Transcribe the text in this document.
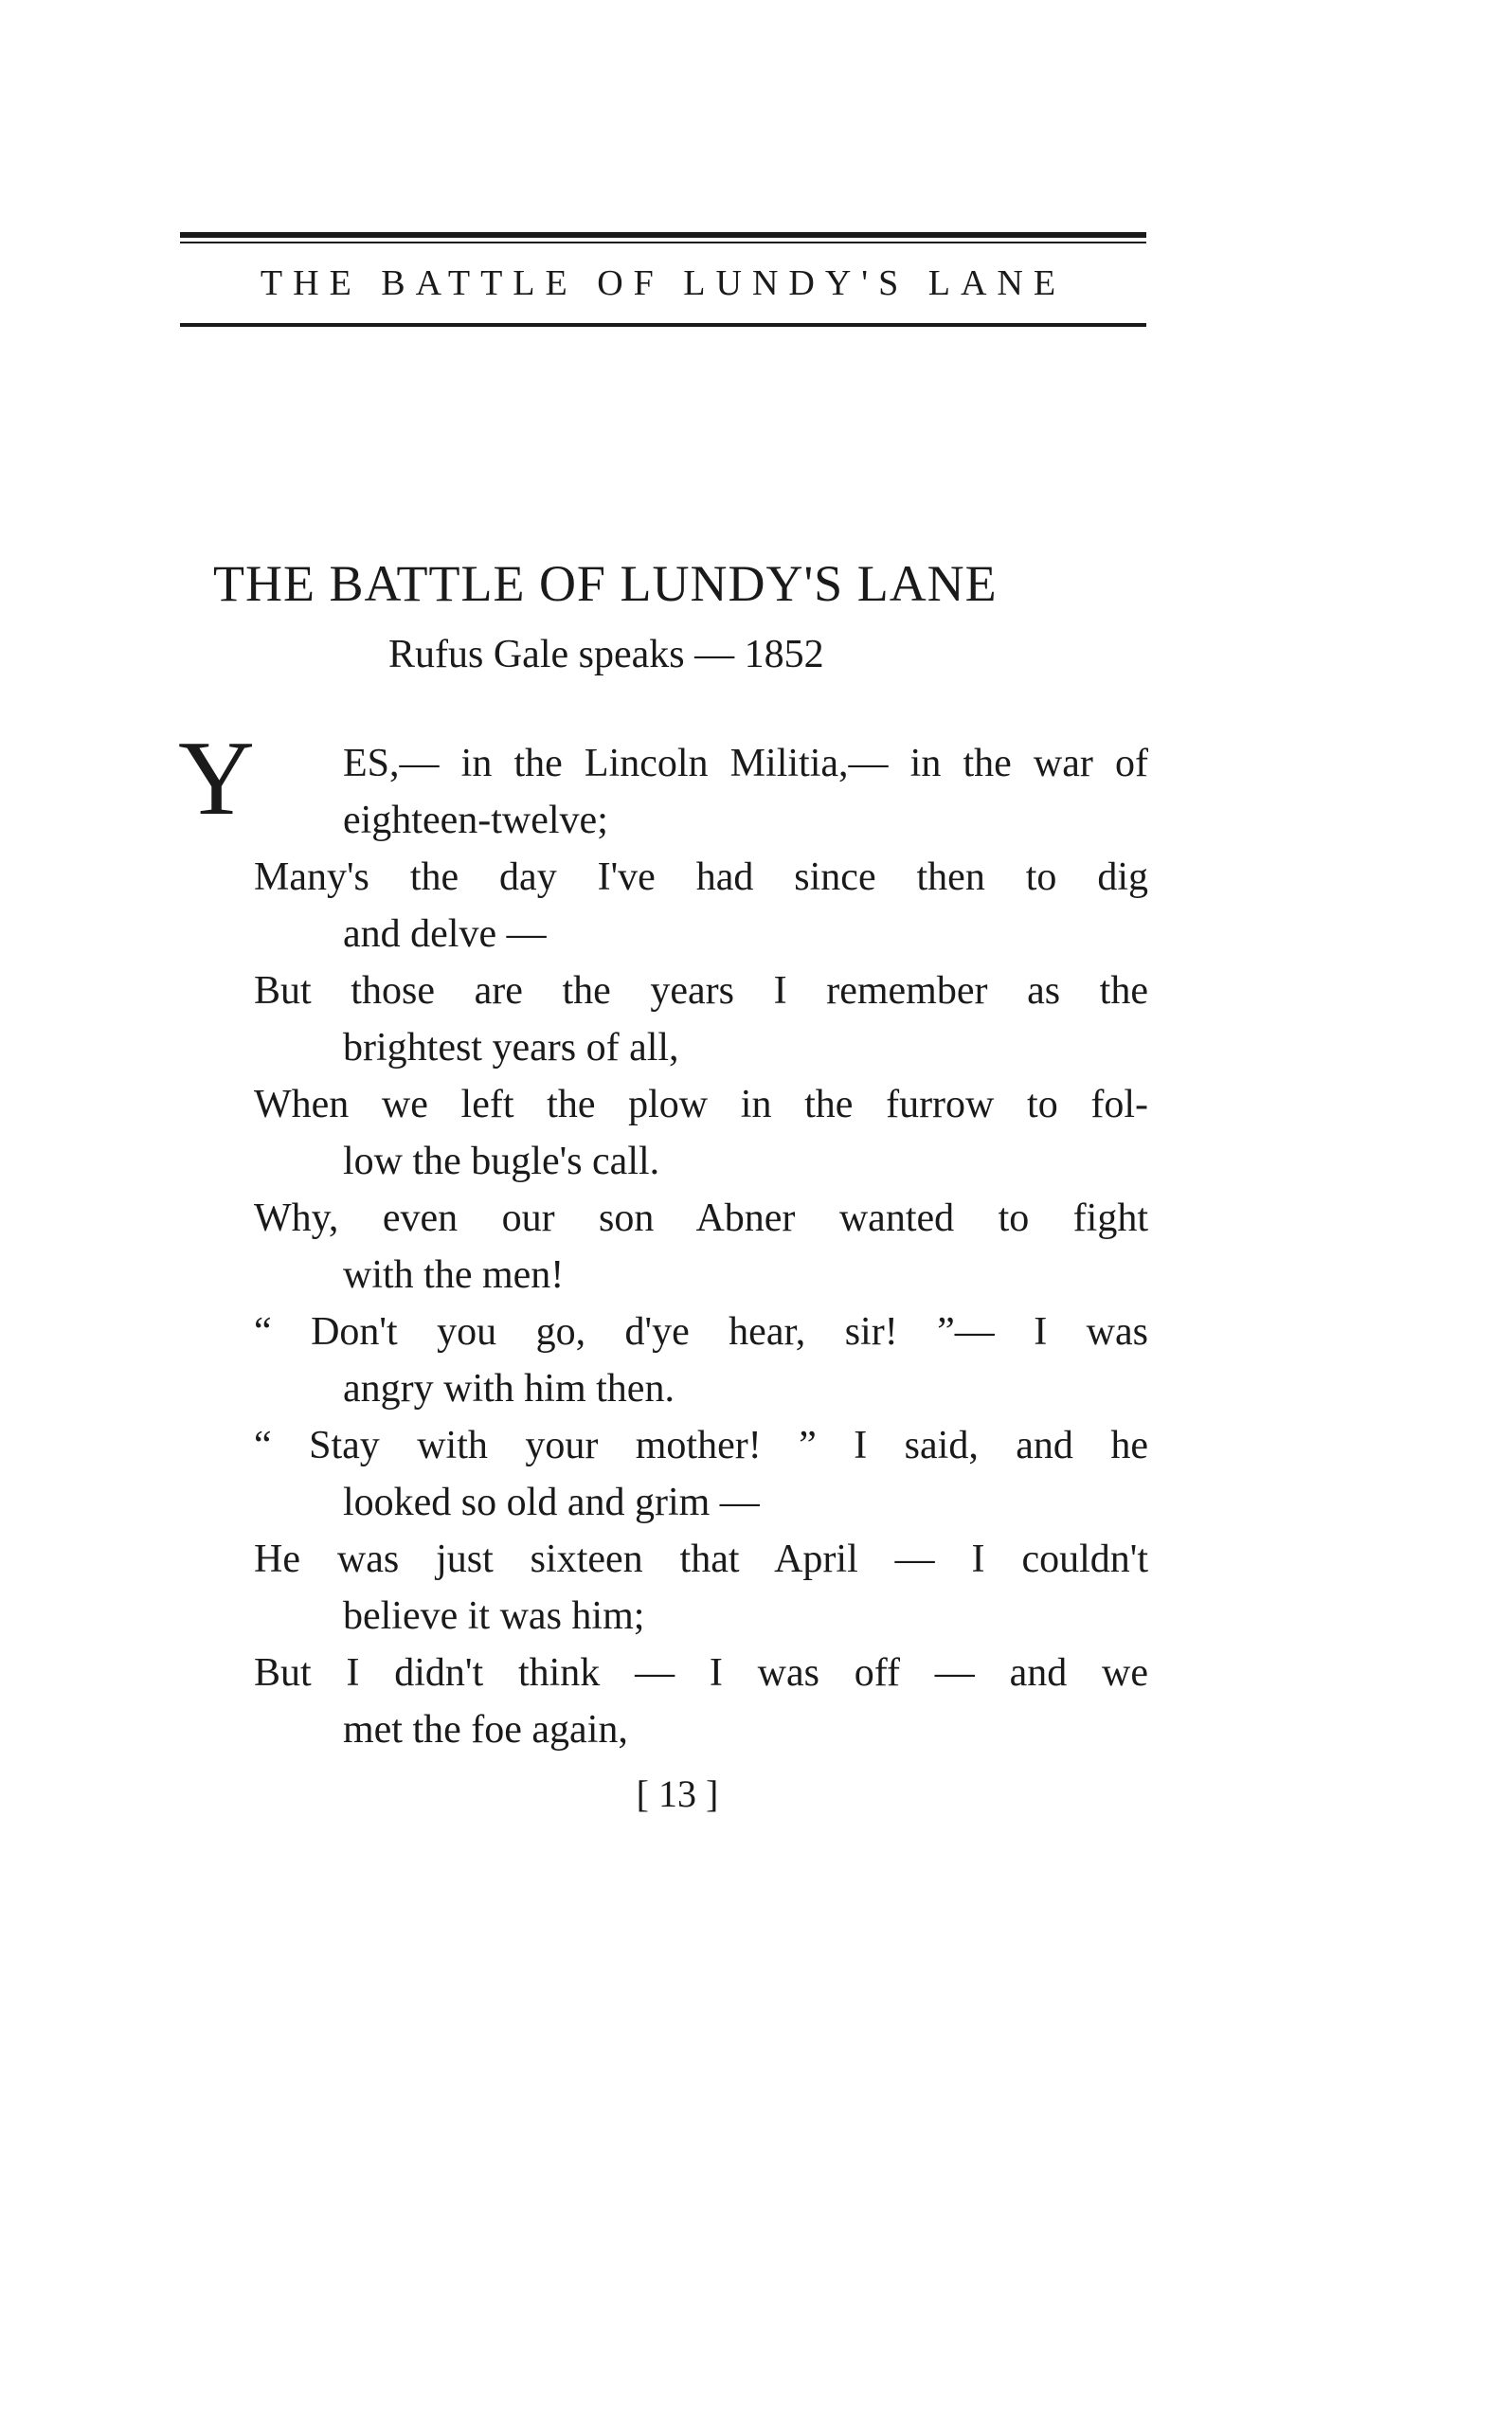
THE BATTLE OF LUNDY'S LANE
THE BATTLE OF LUNDY'S LANE
Rufus Gale speaks — 1852
Y ES,— in the Lincoln Militia,— in the war of
eighteen-twelve;
Many's the day I've had since then to dig
and delve —
But those are the years I remember as the
brightest years of all,
When we left the plow in the furrow to fol-
low the bugle's call.
Why, even our son Abner wanted to fight
with the men!
“ Don't you go, d'ye hear, sir! ”— I was
angry with him then.
“ Stay with your mother! ” I said, and he
looked so old and grim —
He was just sixteen that April — I couldn't
believe it was him;
But I didn't think — I was off — and we
met the foe again,
[ 13 ]
